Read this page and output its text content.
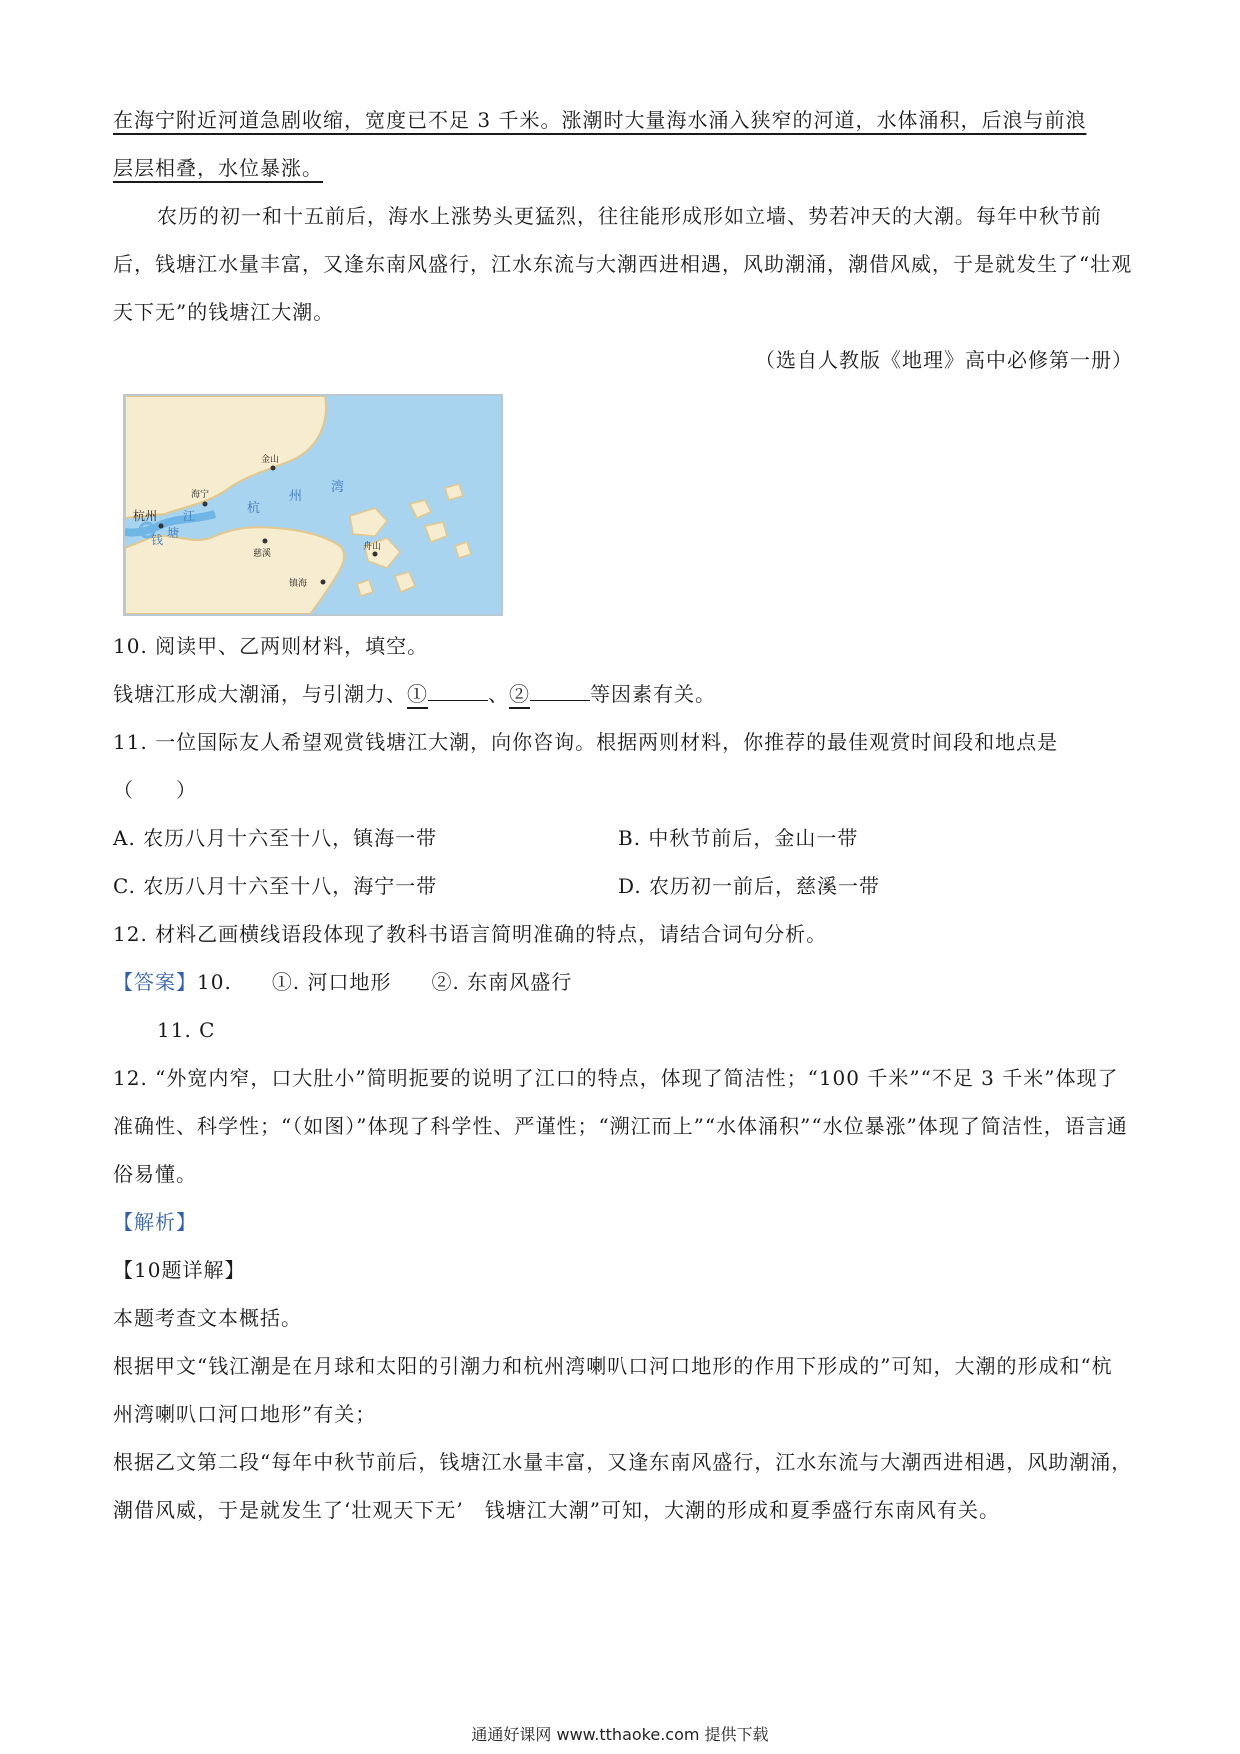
在海宁附近河道急剧收缩，宽度已不足 3 千米。涨潮时大量海水涌入狭窄的河道，水体涌积，后浪与前浪

层层相叠，水位暴涨。

农历的初一和十五前后，海水上涨势头更猛烈，往往能形成形如立墙、势若冲天的大潮。每年中秋节前后，钱塘江水量丰富，又逢东南风盛行，江水东流与大潮西进相遇，风助潮涌，潮借风威，于是就发生了“壮观天下无”的钱塘江大潮。

（选自人教版《地理》高中必修第一册）

金山
海宁
杭州
慈溪
舟山
镇海
江
钱 塘
杭
州
湾

10. 阅读甲、乙两则材料，填空。

钱塘江形成大潮涌，与引潮力、①	、②	等因素有关。

11. 一位国际友人希望观赏钱塘江大潮，向你咨询。根据两则材料，你推荐的最佳观赏时间段和地点是

（　　）

A. 农历八月十六至十八，镇海一带	B. 中秋节前后，金山一带

C. 农历八月十六至十八，海宁一带	D. 农历初一前后，慈溪一带

12. 材料乙画横线语段体现了教科书语言简明准确的特点，请结合词句分析。

【答案】10. ①. 河口地形 ②. 东南风盛行

11. C

12. “外宽内窄，口大肚小”简明扼要的说明了江口的特点，体现了简洁性；“100 千米”“不足 3 千米”体现了准确性、科学性；“（如图）”体现了科学性、严谨性；“溯江而上”“水体涌积”“水位暴涨”体现了简洁性，语言通俗易懂。

【解析】

【10题详解】

本题考查文本概括。

根据甲文“钱江潮是在月球和太阳的引潮力和杭州湾喇叭口河口地形的作用下形成的”可知，大潮的形成和“杭州湾喇叭口河口地形”有关；

根据乙文第二段“每年中秋节前后，钱塘江水量丰富，又逢东南风盛行，江水东流与大潮西进相遇，风助潮涌，潮借风威，于是就发生了‘壮观天下无’　钱塘江大潮”可知，大潮的形成和夏季盛行东南风有关。

通通好课网 www.tthaoke.com 提供下载
